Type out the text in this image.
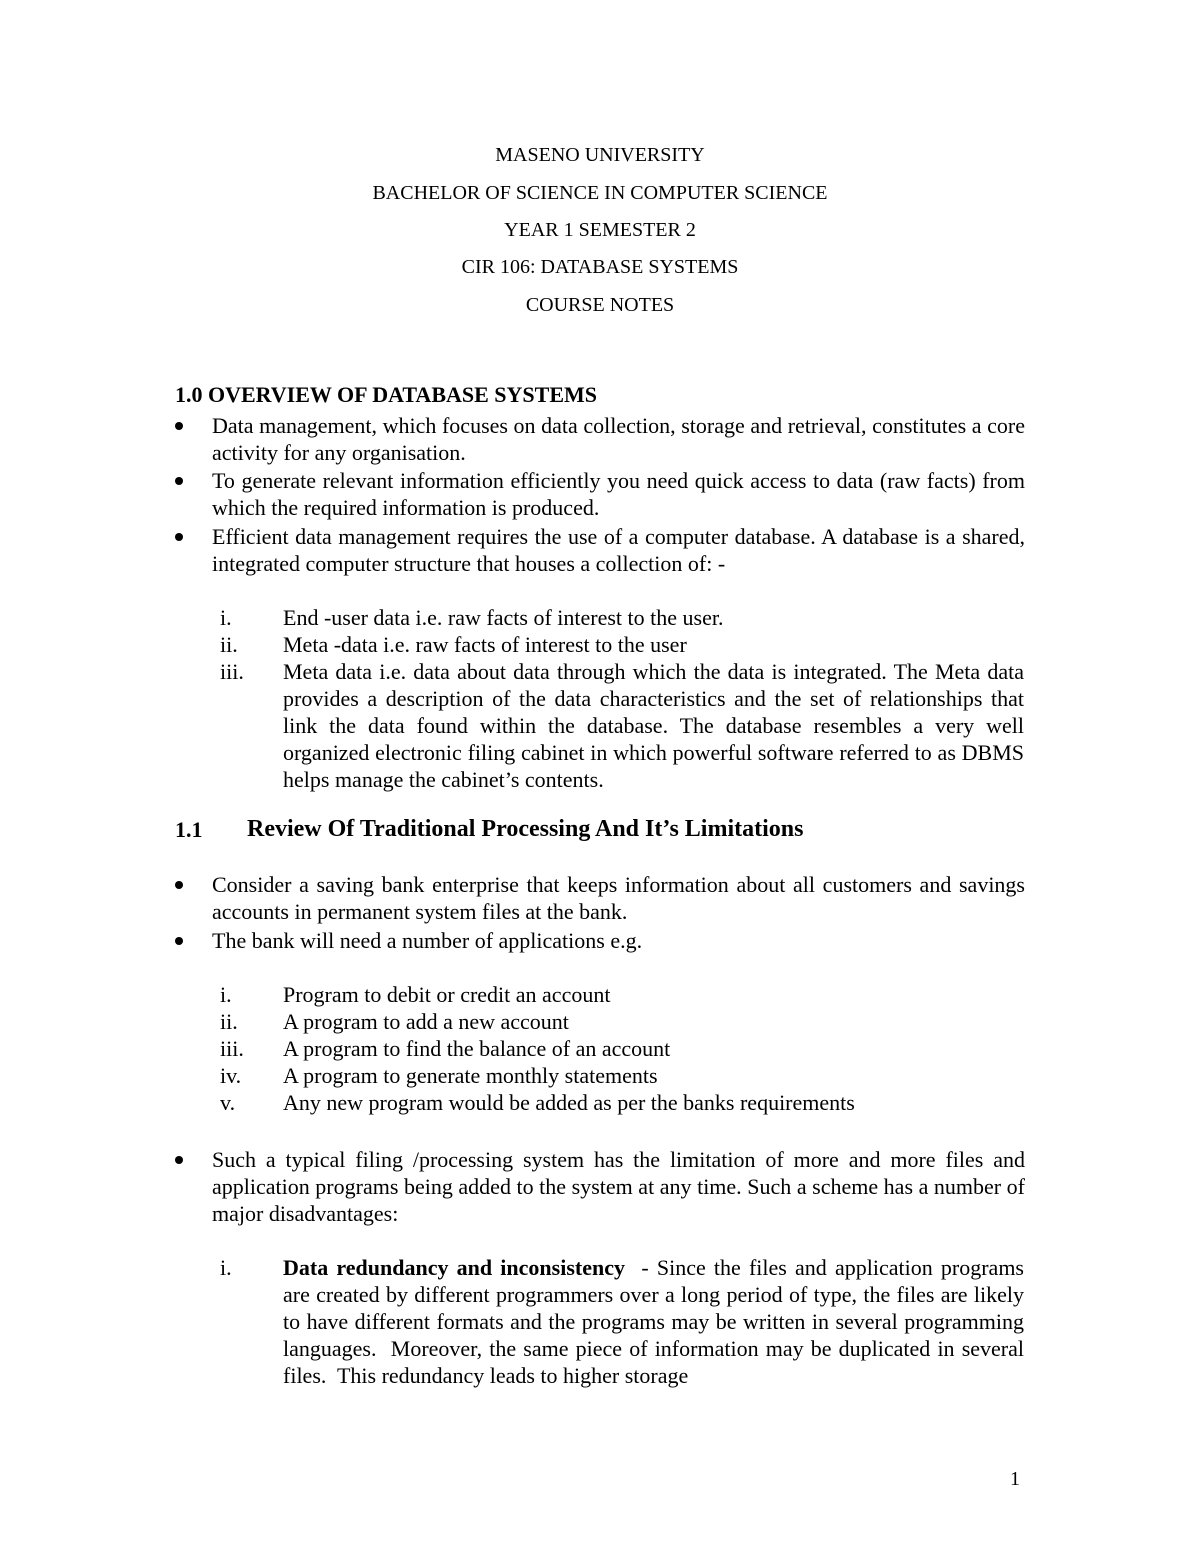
MASENO UNIVERSITY
BACHELOR OF SCIENCE IN COMPUTER SCIENCE
YEAR 1 SEMESTER 2
CIR 106: DATABASE SYSTEMS
COURSE NOTES
1.0 OVERVIEW OF DATABASE SYSTEMS
Data management, which focuses on data collection, storage and retrieval, constitutes a core activity for any organisation.
To generate relevant information efficiently you need quick access to data (raw facts) from which the required information is produced.
Efficient data management requires the use of a computer database. A database is a shared, integrated computer structure that houses a collection of: -
i.	End -user data i.e. raw facts of interest to the user.
ii.	Meta -data i.e. raw facts of interest to the user
iii.	Meta data i.e. data about data through which the data is integrated. The Meta data provides a description of the data characteristics and the set of relationships that link the data found within the database. The database resembles a very well organized electronic filing cabinet in which powerful software referred to as DBMS helps manage the cabinet’s contents.
1.1 Review Of Traditional Processing And It’s Limitations
Consider a saving bank enterprise that keeps information about all customers and savings accounts in permanent system files at the bank.
The bank will need a number of applications e.g.
i.	Program to debit or credit an account
ii.	A program to add a new account
iii.	A program to find the balance of an account
iv.	A program to generate monthly statements
v.	Any new program would be added as per the banks requirements
Such a typical filing /processing system has the limitation of more and more files and application programs being added to the system at any time. Such a scheme has a number of major disadvantages:
i.	Data redundancy and inconsistency  - Since the files and application programs are created by different programmers over a long period of type, the files are likely to have different formats and the programs may be written in several programming languages.  Moreover, the same piece of information may be duplicated in several files.  This redundancy leads to higher storage
1
